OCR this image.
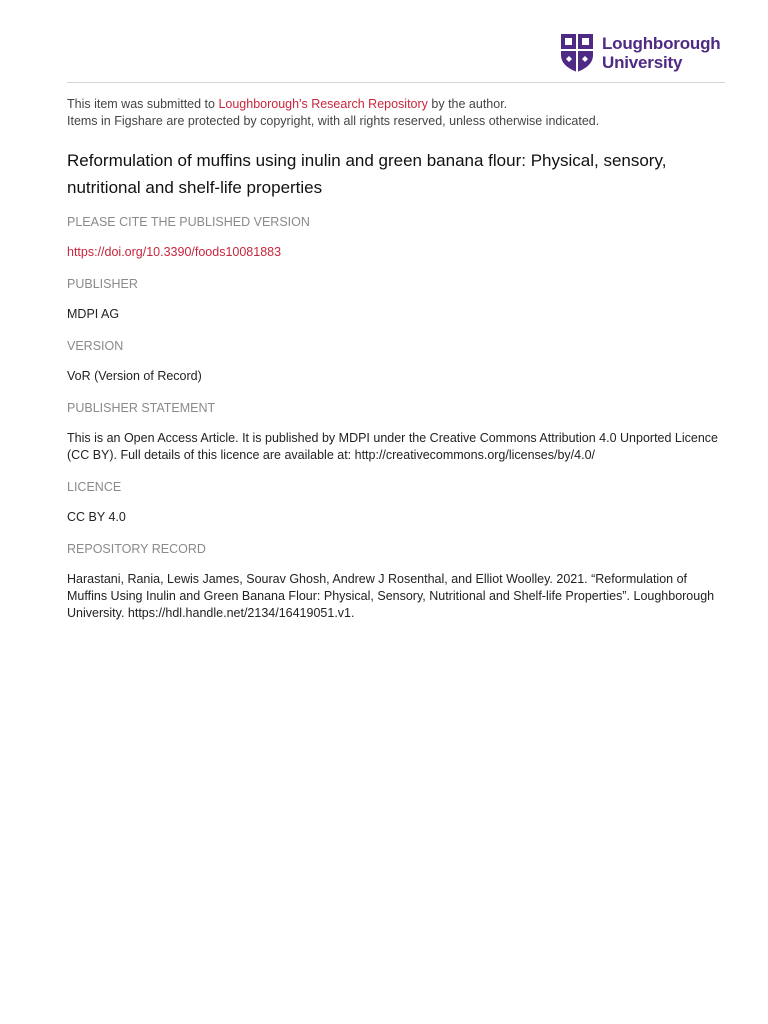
Loughborough
University
This item was submitted to Loughborough's Research Repository by the author.
Items in Figshare are protected by copyright, with all rights reserved, unless otherwise indicated.
Reformulation of muffins using inulin and green banana flour: Physical, sensory, nutritional and shelf-life properties
PLEASE CITE THE PUBLISHED VERSION
https://doi.org/10.3390/foods10081883
PUBLISHER
MDPI AG
VERSION
VoR (Version of Record)
PUBLISHER STATEMENT
This is an Open Access Article. It is published by MDPI under the Creative Commons Attribution 4.0 Unported Licence (CC BY). Full details of this licence are available at: http://creativecommons.org/licenses/by/4.0/
LICENCE
CC BY 4.0
REPOSITORY RECORD
Harastani, Rania, Lewis James, Sourav Ghosh, Andrew J Rosenthal, and Elliot Woolley. 2021. “Reformulation of Muffins Using Inulin and Green Banana Flour: Physical, Sensory, Nutritional and Shelf-life Properties”. Loughborough University. https://hdl.handle.net/2134/16419051.v1.
